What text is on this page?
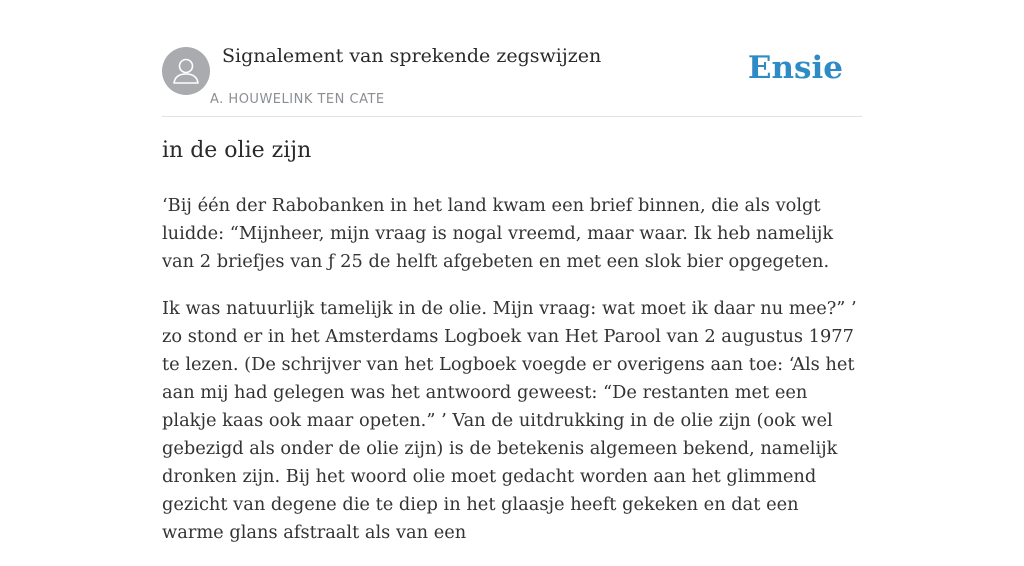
Signalement van sprekende zegswijzen
A. HOUWELINK TEN CATE
Ensie
in de olie zijn

‘Bij één der Rabobanken in het land kwam een brief binnen, die als volgt luidde: “Mijnheer, mijn vraag is nogal vreemd, maar waar. Ik heb namelijk van 2 briefjes van ƒ 25 de helft afgebeten en met een slok bier opgegeten.

Ik was natuurlijk tamelijk in de olie. Mijn vraag: wat moet ik daar nu mee?” ’ zo stond er in het Amsterdams Logboek van Het Parool van 2 augustus 1977 te lezen. (De schrijver van het Logboek voegde er overigens aan toe: ‘Als het aan mij had gelegen was het antwoord geweest: “De restanten met een plakje kaas ook maar opeten.” ’ Van de uitdrukking in de olie zijn (ook wel gebezigd als onder de olie zijn) is de betekenis algemeen bekend, namelijk dronken zijn. Bij het woord olie moet gedacht worden aan het glimmend gezicht van degene die te diep in het glaasje heeft gekeken en dat een warme glans afstraalt als van een
